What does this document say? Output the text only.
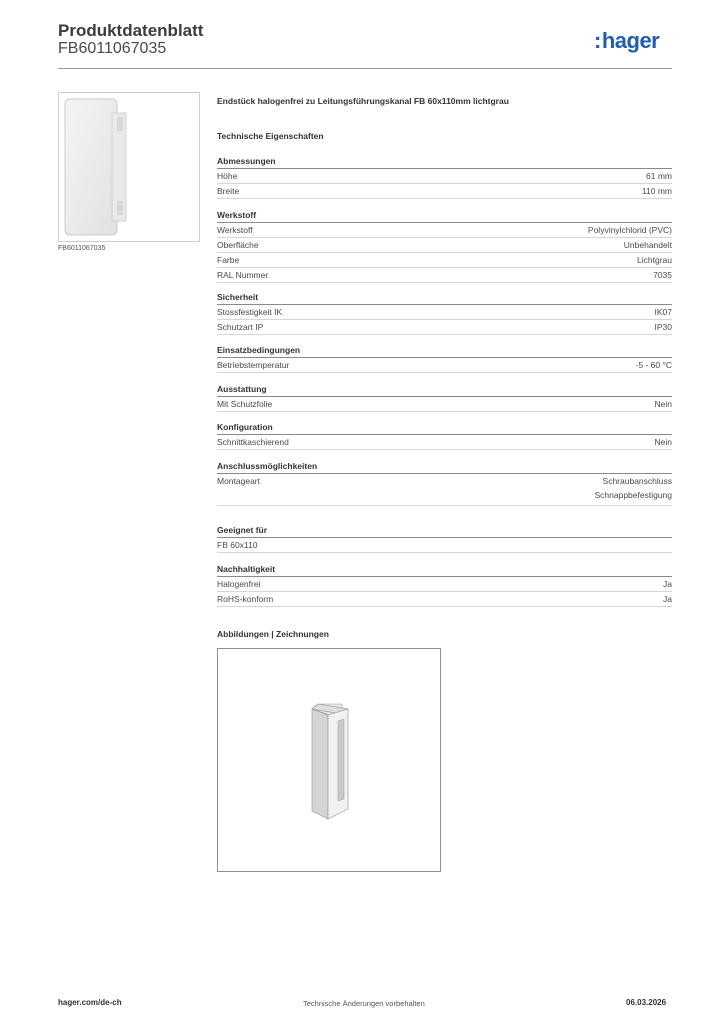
Produktdatenblatt
FB6011067035	:hager
FB6011067035
Endstück halogenfrei zu Leitungsführungskanal FB 60x110mm lichtgrau
Technische Eigenschaften
Abmessungen
Höhe	61 mm
Breite	110 mm
Werkstoff
Werkstoff	Polyvinylchlorid (PVC)
Oberfläche	Unbehandelt
Farbe	Lichtgrau
RAL Nummer	7035
Sicherheit
Stossfestigkeit IK	IK07
Schutzart IP	IP30
Einsatzbedingungen
Betriebstemperatur	-5 - 60 °C
Ausstattung
Mit Schutzfolie	Nein
Konfiguration
Schnittkaschierend	Nein
Anschlussmöglichkeiten
Montageart	Schraubanschluss
Schnappbefestigung
Geeignet für
FB 60x110
Nachhaltigkeit
Halogenfrei	Ja
RoHS-konform	Ja
Abbildungen | Zeichnungen
hager.com/de-ch	Technische Änderungen vorbehalten	06.03.2026
